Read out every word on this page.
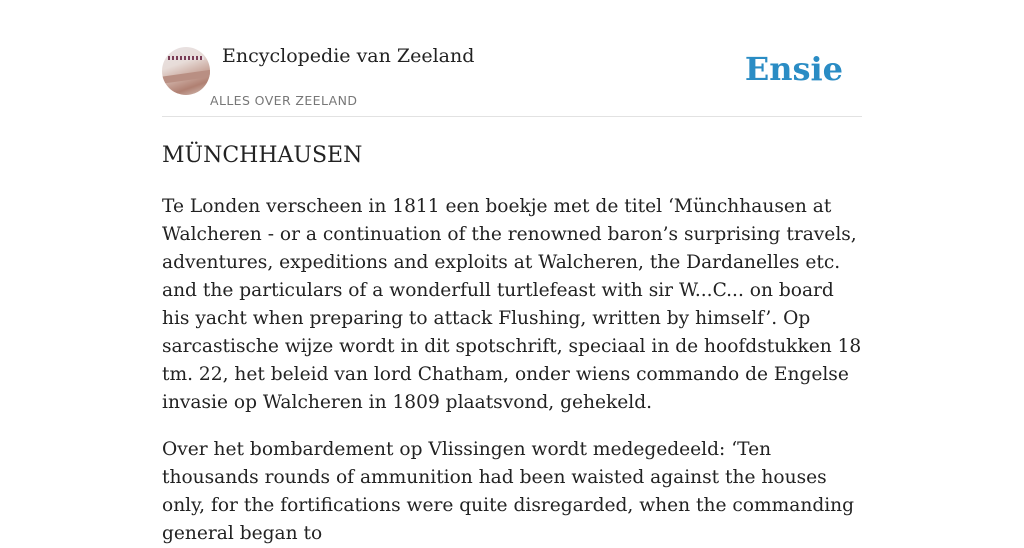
Encyclopedie van Zeeland
ALLES OVER ZEELAND
Ensie
MÜNCHHAUSEN

Te Londen verscheen in 1811 een boekje met de titel ‘Münchhausen at Walcheren - or a continuation of the renowned baron’s surprising travels, adventures, expeditions and exploits at Walcheren, the Dardanelles etc. and the particulars of a wonderfull turtlefeast with sir W...C... on board his yacht when preparing to attack Flushing, written by himself’. Op sarcastische wijze wordt in dit spotschrift, speciaal in de hoofdstukken 18 tm. 22, het beleid van lord Chatham, onder wiens commando de Engelse invasie op Walcheren in 1809 plaatsvond, gehekeld.

Over het bombardement op Vlissingen wordt medegedeeld: ‘Ten thousands rounds of ammunition had been waisted against the houses only, for the fortifications were quite disregarded, when the commanding general began to
